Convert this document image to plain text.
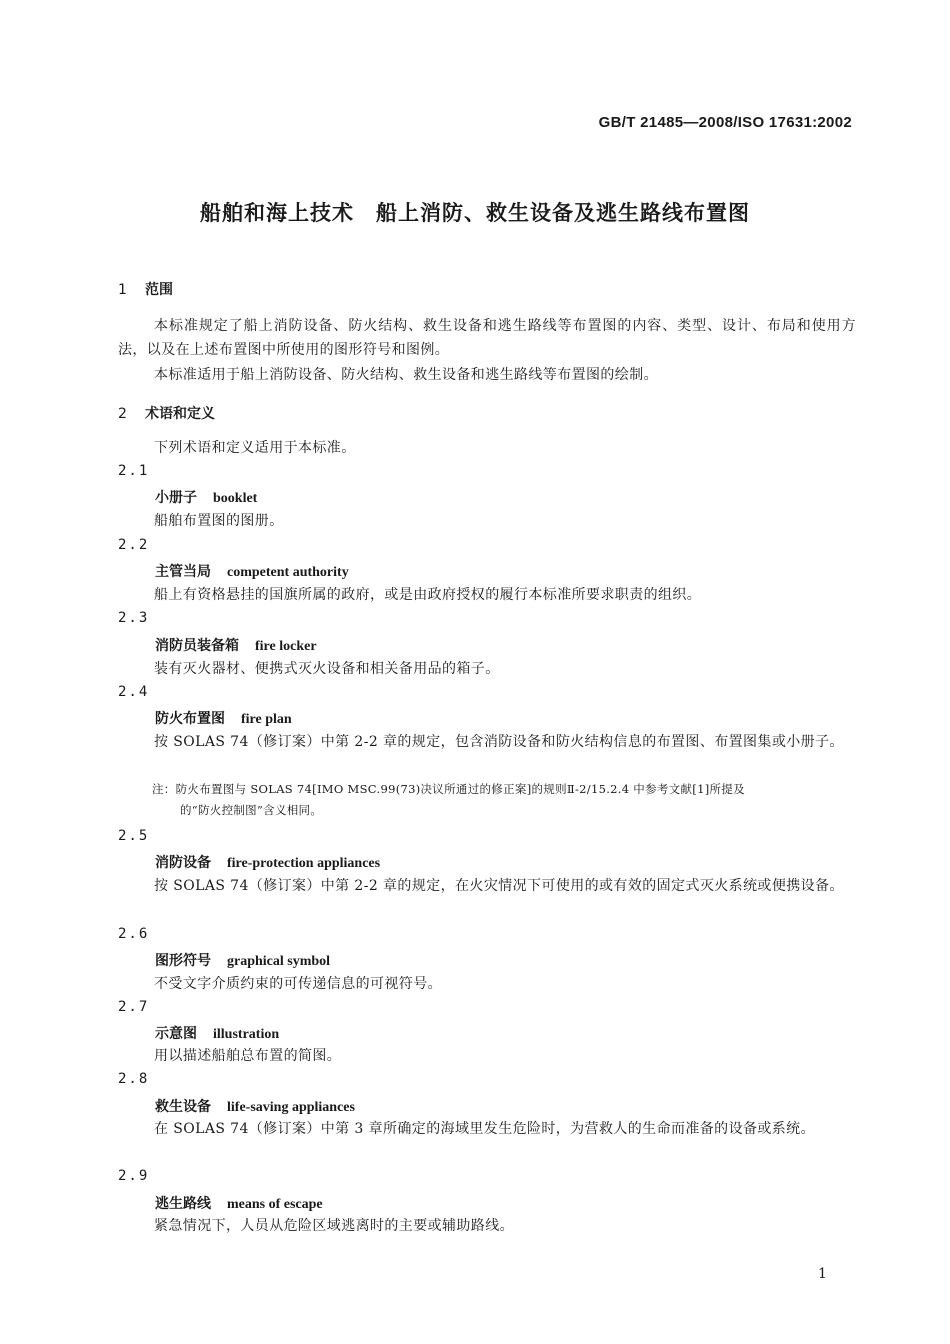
GB/T 21485—2008/ISO 17631:2002
船舶和海上技术　船上消防、救生设备及逃生路线布置图
1 范围
本标准规定了船上消防设备、防火结构、救生设备和逃生路线等布置图的内容、类型、设计、布局和使用方法，以及在上述布置图中所使用的图形符号和图例。
本标准适用于船上消防设备、防火结构、救生设备和逃生路线等布置图的绘制。
2 术语和定义
下列术语和定义适用于本标准。
2.1
小册子 booklet
船舶布置图的图册。
2.2
主管当局 competent authority
船上有资格悬挂的国旗所属的政府，或是由政府授权的履行本标准所要求职责的组织。
2.3
消防员装备箱 fire locker
装有灭火器材、便携式灭火设备和相关备用品的箱子。
2.4
防火布置图 fire plan
按 SOLAS 74（修订案）中第 2-2 章的规定，包含消防设备和防火结构信息的布置图、布置图集或小册子。
注：防火布置图与 SOLAS 74[IMO MSC.99(73)决议所通过的修正案]的规则Ⅱ-2/15.2.4 中参考文献[1]所提及
的“防火控制图”含义相同。
2.5
消防设备 fire-protection appliances
按 SOLAS 74（修订案）中第 2-2 章的规定，在火灾情况下可使用的或有效的固定式灭火系统或便携设备。
2.6
图形符号 graphical symbol
不受文字介质约束的可传递信息的可视符号。
2.7
示意图 illustration
用以描述船舶总布置的简图。
2.8
救生设备 life-saving appliances
在 SOLAS 74（修订案）中第 3 章所确定的海域里发生危险时，为营救人的生命而准备的设备或系统。
2.9
逃生路线 means of escape
紧急情况下，人员从危险区域逃离时的主要或辅助路线。
1
